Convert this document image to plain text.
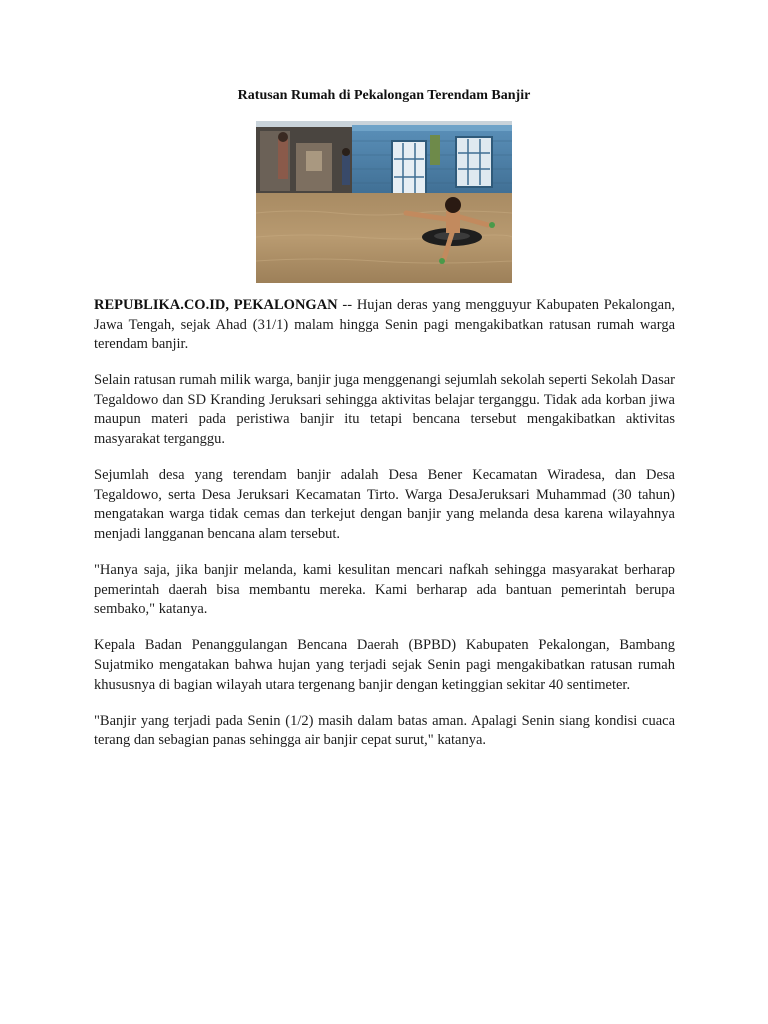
Ratusan Rumah di Pekalongan Terendam Banjir

REPUBLIKA.CO.ID, PEKALONGAN -- Hujan deras yang mengguyur Kabupaten Pekalongan, Jawa Tengah, sejak Ahad (31/1) malam hingga Senin pagi mengakibatkan ratusan rumah warga terendam banjir.

Selain ratusan rumah milik warga, banjir juga menggenangi sejumlah sekolah seperti Sekolah Dasar Tegaldowo dan SD Kranding Jeruksari sehingga aktivitas belajar terganggu. Tidak ada korban jiwa maupun materi pada peristiwa banjir itu tetapi bencana tersebut mengakibatkan aktivitas masyarakat terganggu.

Sejumlah desa yang terendam banjir adalah Desa Bener Kecamatan Wiradesa, dan Desa Tegaldowo, serta Desa Jeruksari Kecamatan Tirto. Warga DesaJeruksari Muhammad (30 tahun) mengatakan warga tidak cemas dan terkejut dengan banjir yang melanda desa karena wilayahnya menjadi langganan bencana alam tersebut.

"Hanya saja, jika banjir melanda, kami kesulitan mencari nafkah sehingga masyarakat berharap pemerintah daerah bisa membantu mereka. Kami berharap ada bantuan pemerintah berupa sembako," katanya.

Kepala Badan Penanggulangan Bencana Daerah (BPBD) Kabupaten Pekalongan, Bambang Sujatmiko mengatakan bahwa hujan yang terjadi sejak Senin pagi mengakibatkan ratusan rumah khususnya di bagian wilayah utara tergenang banjir dengan ketinggian sekitar 40 sentimeter.

"Banjir yang terjadi pada Senin (1/2) masih dalam batas aman. Apalagi Senin siang kondisi cuaca terang dan sebagian panas sehingga air banjir cepat surut," katanya.
